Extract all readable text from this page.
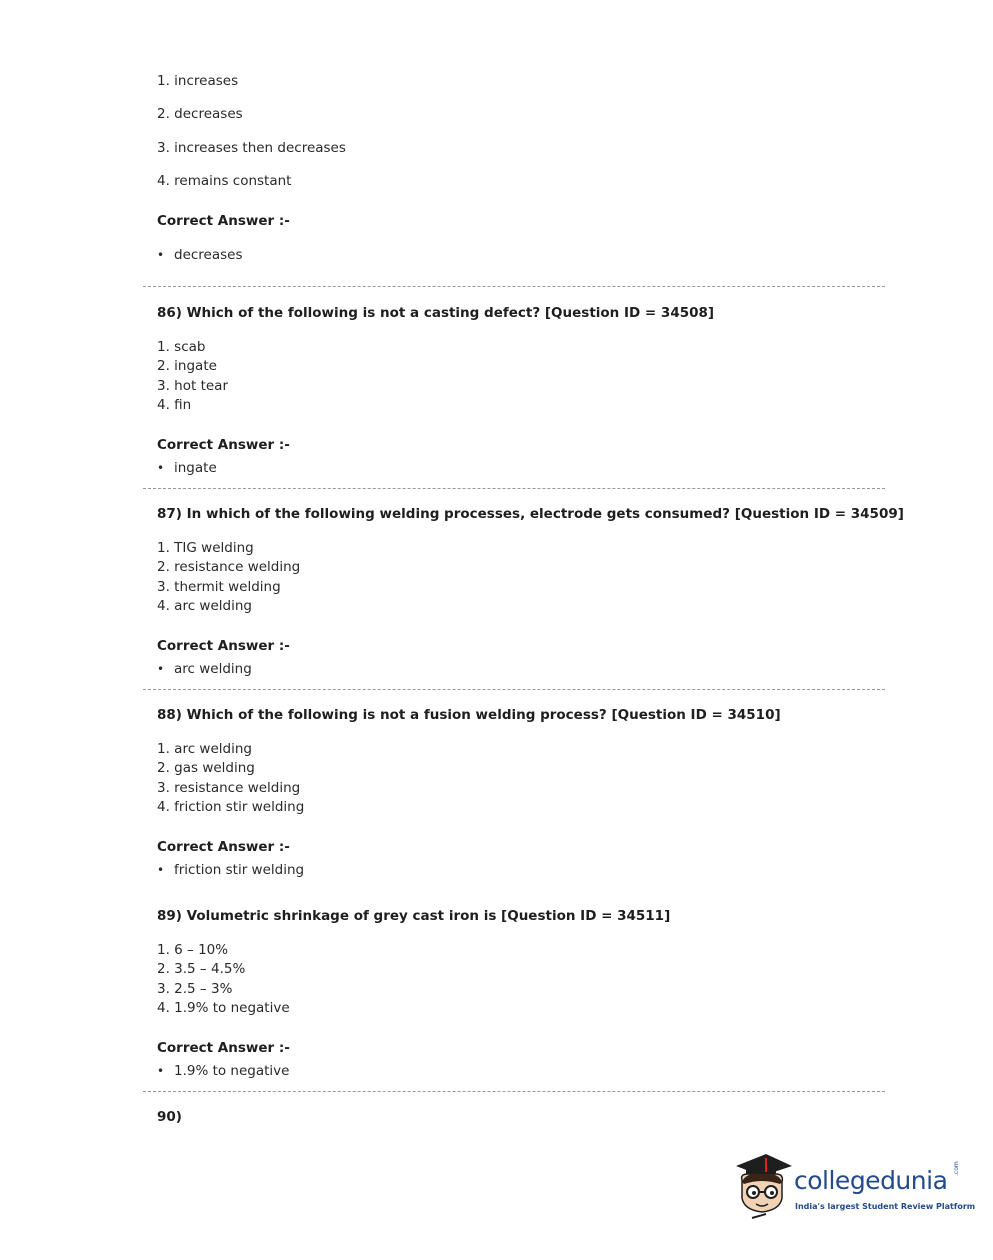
1. increases
2. decreases
3. increases then decreases
4. remains constant
Correct Answer :-
• decreases
86) Which of the following is not a casting defect? [Question ID = 34508]
1. scab
2. ingate
3. hot tear
4. fin
Correct Answer :-
• ingate
87) In which of the following welding processes, electrode gets consumed? [Question ID = 34509]
1. TIG welding
2. resistance welding
3. thermit welding
4. arc welding
Correct Answer :-
• arc welding
88) Which of the following is not a fusion welding process? [Question ID = 34510]
1. arc welding
2. gas welding
3. resistance welding
4. friction stir welding
Correct Answer :-
• friction stir welding
89) Volumetric shrinkage of grey cast iron is [Question ID = 34511]
1. 6 – 10%
2. 3.5 – 4.5%
3. 2.5 – 3%
4. 1.9% to negative
Correct Answer :-
• 1.9% to negative
90)
collegedunia .com
India's largest Student Review Platform
